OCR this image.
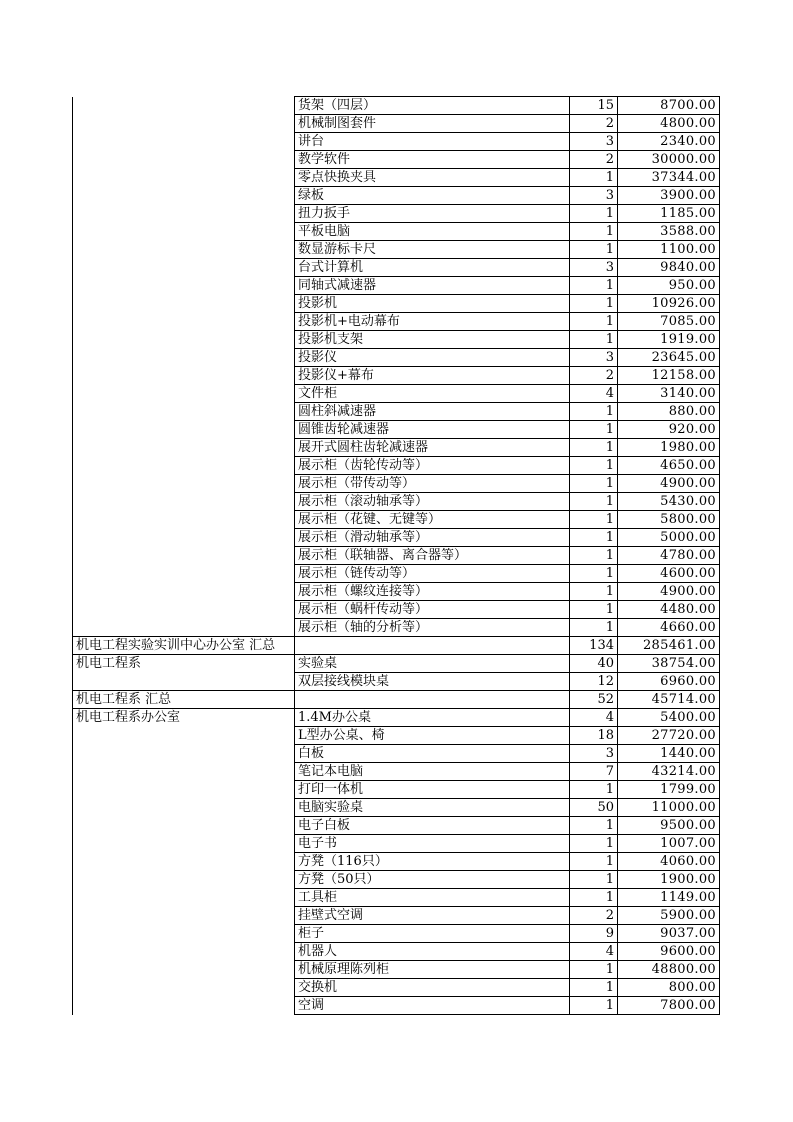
	货架（四层）	15	8700.00
	机械制图套件	2	4800.00
	讲台	3	2340.00
	教学软件	2	30000.00
	零点快换夹具	1	37344.00
	绿板	3	3900.00
	扭力扳手	1	1185.00
	平板电脑	1	3588.00
	数显游标卡尺	1	1100.00
	台式计算机	3	9840.00
	同轴式减速器	1	950.00
	投影机	1	10926.00
	投影机+电动幕布	1	7085.00
	投影机支架	1	1919.00
	投影仪	3	23645.00
	投影仪+幕布	2	12158.00
	文件柜	4	3140.00
	圆柱斜减速器	1	880.00
	圆锥齿轮减速器	1	920.00
	展开式圆柱齿轮减速器	1	1980.00
	展示柜（齿轮传动等）	1	4650.00
	展示柜（带传动等）	1	4900.00
	展示柜（滚动轴承等）	1	5430.00
	展示柜（花键、无键等）	1	5800.00
	展示柜（滑动轴承等）	1	5000.00
	展示柜（联轴器、离合器等）	1	4780.00
	展示柜（链传动等）	1	4600.00
	展示柜（螺纹连接等）	1	4900.00
	展示柜（蜗杆传动等）	1	4480.00
	展示柜（轴的分析等）	1	4660.00
机电工程实验实训中心办公室 汇总		134	285461.00
机电工程系	实验桌	40	38754.00
	双层接线模块桌	12	6960.00
机电工程系 汇总		52	45714.00
机电工程系办公室	1.4M办公桌	4	5400.00
	L型办公桌、椅	18	27720.00
	白板	3	1440.00
	笔记本电脑	7	43214.00
	打印一体机	1	1799.00
	电脑实验桌	50	11000.00
	电子白板	1	9500.00
	电子书	1	1007.00
	方凳（116只）	1	4060.00
	方凳（50只）	1	1900.00
	工具柜	1	1149.00
	挂壁式空调	2	5900.00
	柜子	9	9037.00
	机器人	4	9600.00
	机械原理陈列柜	1	48800.00
	交换机	1	800.00
	空调	1	7800.00
